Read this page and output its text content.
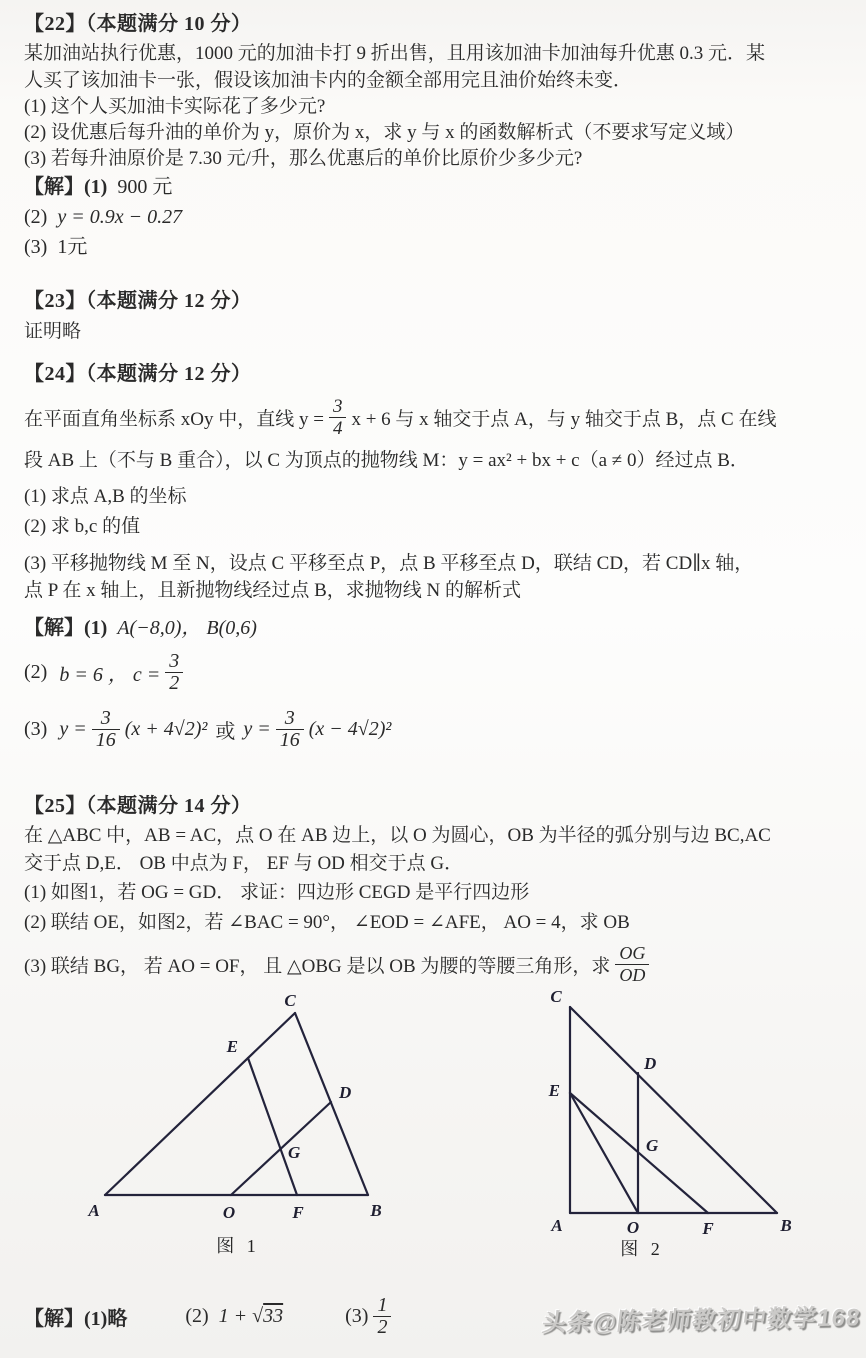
【22】（本题满分 10 分）
某加油站执行优惠，1000 元的加油卡打 9 折出售，且用该加油卡加油每升优惠 0.3 元．某
人买了该加油卡一张，假设该加油卡内的金额全部用完且油价始终未变．
(1) 这个人买加油卡实际花了多少元?
(2) 设优惠后每升油的单价为 y，原价为 x，求 y 与 x 的函数解析式（不要求写定义域）
(3) 若每升油原价是 7.30 元/升，那么优惠后的单价比原价少多少元?
【解】(1) 900 元
(2) y = 0.9x − 0.27
(3) 1元
【23】（本题满分 12 分）
证明略
【24】（本题满分 12 分）
在平面直角坐标系 xOy 中，直线 $y = \frac{3}{4}$ x + 6 与 x 轴交于点 A，与 y 轴交于点 B，点 C 在线
段 AB 上（不与 B 重合），以 C 为顶点的抛物线 M：y = ax² + bx + c（a ≠ 0）经过点 B．
(1) 求点 A,B 的坐标
(2) 求 b,c 的值
(3) 平移抛物线 M 至 N，设点 C 平移至点 P，点 B 平移至点 D，联结 CD，若 CD∥x 轴，
点 P 在 x 轴上，且新抛物线经过点 B，求抛物线 N 的解析式
【解】(1) A(−8,0)， B(0,6)
(2) b = 6 ， $c = \frac{3}{2}$
(3) $y = \frac{3}{16} (x + 4√2)^2$ 或 $y = \frac{3}{16} (x - 4√2)^2$
【25】（本题满分 14 分）
在 △ABC 中，AB = AC，点 O 在 AB 边上，以 O 为圆心，OB 为半径的弧分别与边 BC,AC
交于点 D,E． OB 中点为 F， EF 与 OD 相交于点 G．
(1) 如图1，若 OG = GD． 求证：四边形 CEGD 是平行四边形
(2) 联结 OE，如图2，若 ∠BAC = 90°， ∠EOD = ∠AFE， AO = 4，求 OB
(3) 联结 BG， 若 AO = OF， 且 △OBG 是以 OB 为腰的等腰三角形，求 $\frac{OG}{OD}$
C
E
D
G
A	O	F	B
图 1
C
E
D
G
A	O	F	B
图 2
【解】(1)略	(2) 1 + √33	$(3) \frac{1}{2}$	头条@陈老师教初中数学168
